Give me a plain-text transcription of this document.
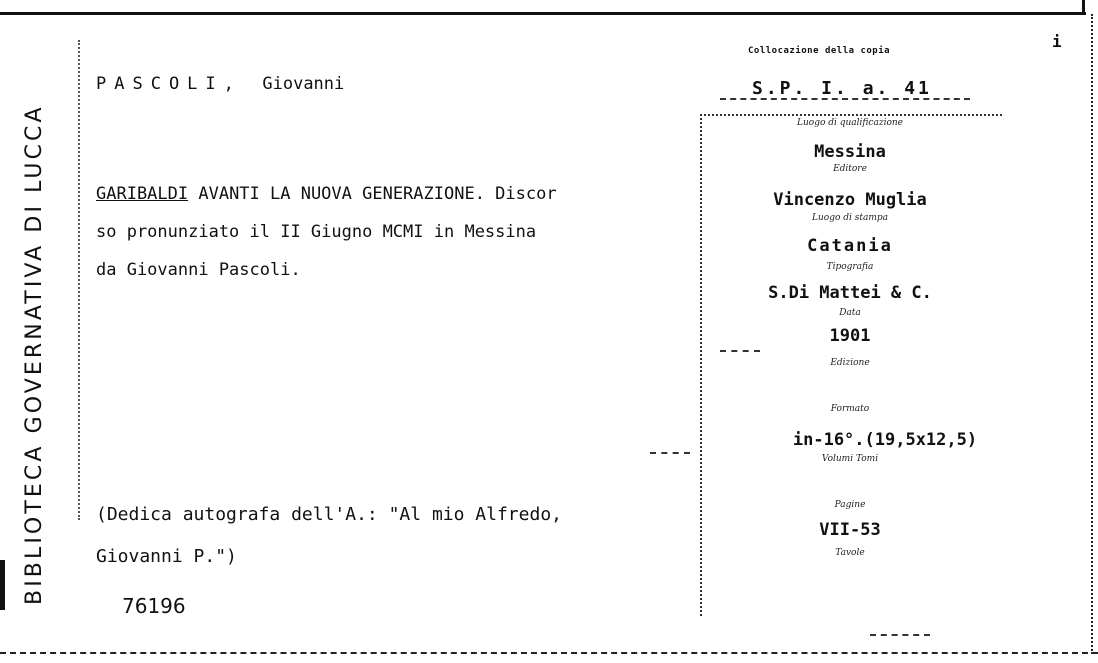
BIBLIOTECA GOVERNATIVA DI LUCCA
PASCOLI, Giovanni
GARIBALDI AVANTI LA NUOVA GENERAZIONE. Discor
so pronunziato il II Giugno MCMI in Messina
da Giovanni Pascoli.
(Dedica autografa dell'A.: "Al mio Alfredo,
Giovanni P.")
76196
i
Collocazione della copia
S.P. I. a. 41
Luogo di qualificazione
Messina
Editore
Vincenzo Muglia
Luogo di stampa
Catania
Tipografia
S.Di Mattei & C.
Data
1901
Edizione
Formato
in-16°.(19,5x12,5)
Volumi Tomi
Pagine
VII-53
Tavole
